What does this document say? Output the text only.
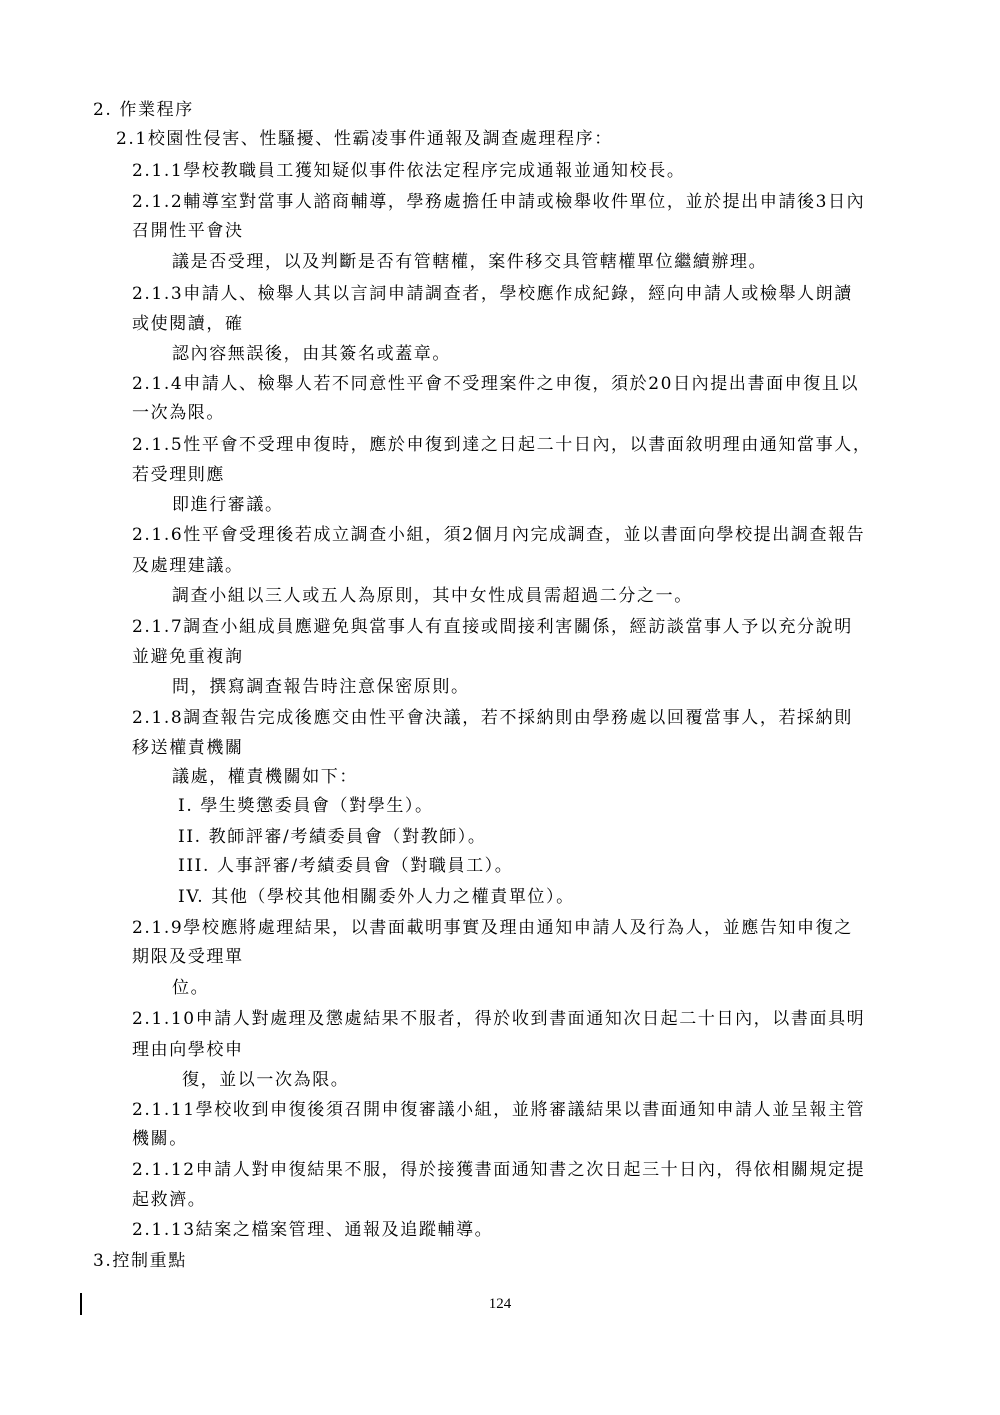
2. 作業程序
2.1校園性侵害、性騷擾、性霸凌事件通報及調查處理程序：
2.1.1學校教職員工獲知疑似事件依法定程序完成通報並通知校長。
2.1.2輔導室對當事人諮商輔導，學務處擔任申請或檢舉收件單位，並於提出申請後3日內
召開性平會決
議是否受理，以及判斷是否有管轄權，案件移交具管轄權單位繼續辦理。
2.1.3申請人、檢舉人其以言詞申請調查者，學校應作成紀錄，經向申請人或檢舉人朗讀
或使閱讀，確
認內容無誤後，由其簽名或蓋章。
2.1.4申請人、檢舉人若不同意性平會不受理案件之申復，須於20日內提出書面申復且以
一次為限。
2.1.5性平會不受理申復時，應於申復到達之日起二十日內，以書面敘明理由通知當事人，
若受理則應
即進行審議。
2.1.6性平會受理後若成立調查小組，須2個月內完成調查，並以書面向學校提出調查報告
及處理建議。
調查小組以三人或五人為原則，其中女性成員需超過二分之一。
2.1.7調查小組成員應避免與當事人有直接或間接利害關係，經訪談當事人予以充分說明
並避免重複詢
問，撰寫調查報告時注意保密原則。
2.1.8調查報告完成後應交由性平會決議，若不採納則由學務處以回覆當事人，若採納則
移送權責機關
議處，權責機關如下：
I. 學生獎懲委員會（對學生）。
II. 教師評審/考績委員會（對教師）。
III. 人事評審/考績委員會（對職員工）。
IV. 其他（學校其他相關委外人力之權責單位）。
2.1.9學校應將處理結果，以書面載明事實及理由通知申請人及行為人，並應告知申復之
期限及受理單
位。
2.1.10申請人對處理及懲處結果不服者，得於收到書面通知次日起二十日內，以書面具明
理由向學校申
復，並以一次為限。
2.1.11學校收到申復後須召開申復審議小組，並將審議結果以書面通知申請人並呈報主管
機關。
2.1.12申請人對申復結果不服，得於接獲書面通知書之次日起三十日內，得依相關規定提
起救濟。
2.1.13結案之檔案管理、通報及追蹤輔導。
3.控制重點
124
